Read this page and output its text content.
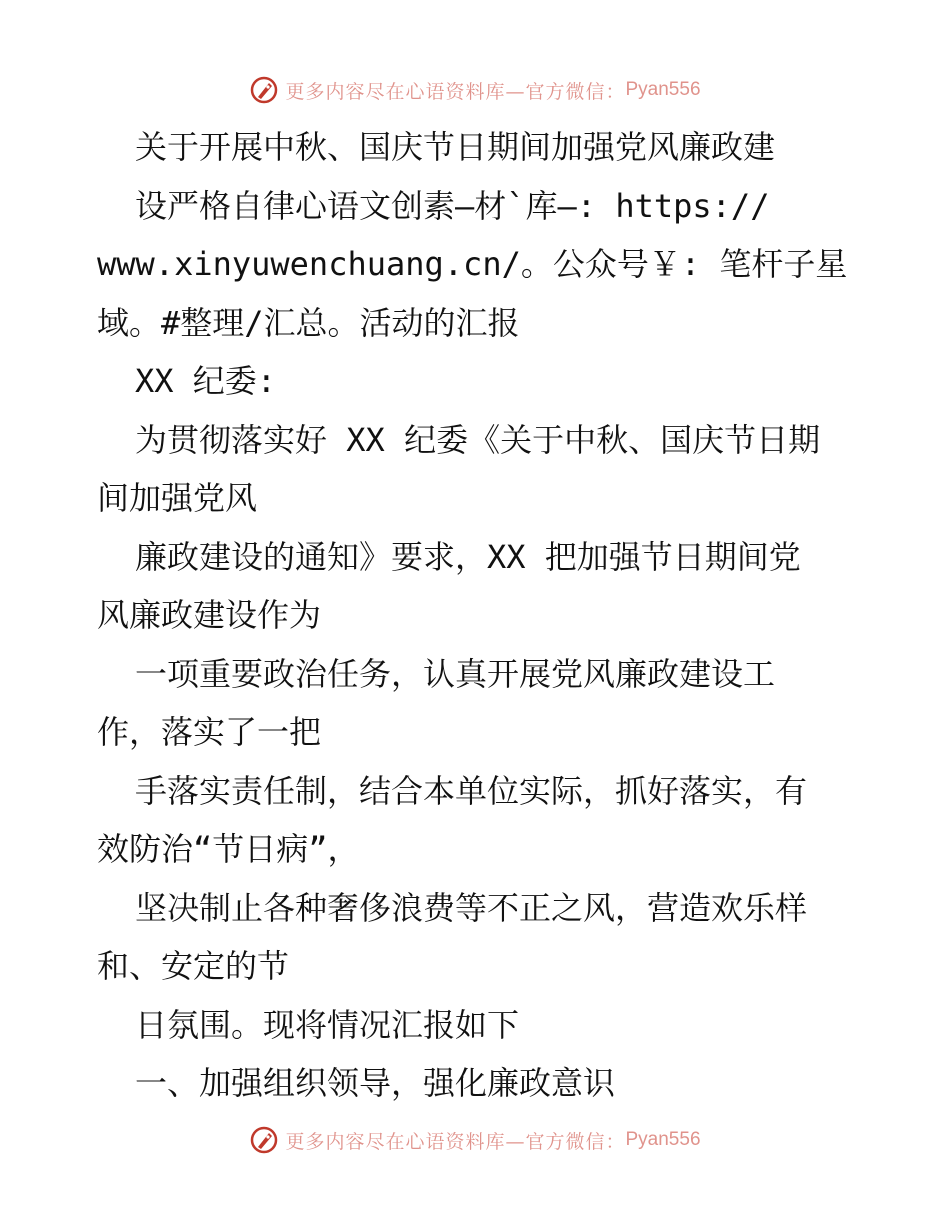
更多内容尽在心语资料库—官方微信： Pyan556
关于开展中秋、国庆节日期间加强党风廉政建
设严格自律心语文创素—材`库—: https://
www.xinyuwenchuang.cn/。公众号￥: 笔杆子星
域。#整理/汇总。活动的汇报
XX 纪委:
为贯彻落实好 XX 纪委《关于中秋、国庆节日期
间加强党风
廉政建设的通知》要求，XX 把加强节日期间党
风廉政建设作为
一项重要政治任务，认真开展党风廉政建设工
作，落实了一把
手落实责任制，结合本单位实际，抓好落实，有
效防治“节日病”，
坚决制止各种奢侈浪费等不正之风，营造欢乐样
和、安定的节
日氛围。现将情况汇报如下
一、加强组织领导，强化廉政意识
更多内容尽在心语资料库—官方微信： Pyan556
